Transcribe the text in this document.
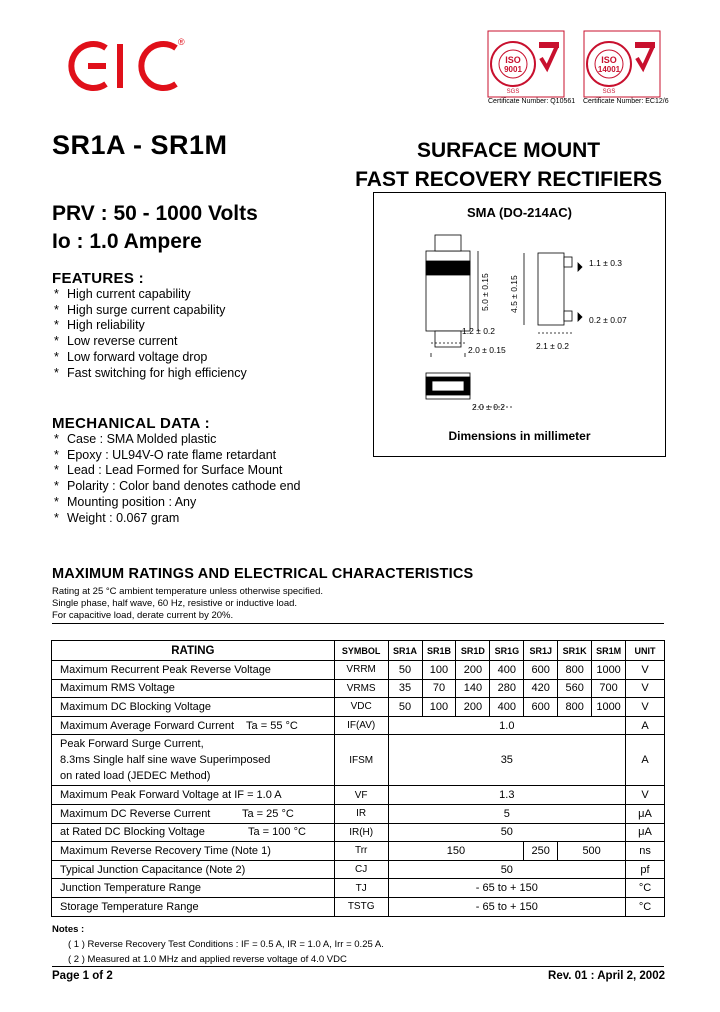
®
ISO
9001
SGS
Certificate Number: Q10561
ISO
14001
SGS
Certificate Number: EC12/6
SR1A - SR1M	SURFACE MOUNT
FAST RECOVERY RECTIFIERS
PRV : 50 - 1000 Volts
Io : 1.0 Ampere
FEATURES :
* High current capability
* High surge current capability
* High reliability
* Low reverse current
* Low forward voltage drop
* Fast switching for high efficiency
MECHANICAL DATA :
* Case : SMA Molded plastic
* Epoxy : UL94V-O rate flame retardant
* Lead : Lead Formed for Surface Mount
* Polarity : Color band denotes cathode end
* Mounting position : Any
* Weight : 0.067 gram
SMA (DO-214AC)
1.1 ± 0.3
0.2 ± 0.07
4.5 ± 0.15
5.0 ± 0.15
1.2 ± 0.2
2.0 ± 0.15	2.1 ± 0.2
2.0 ± 0.2
Dimensions in millimeter
MAXIMUM RATINGS AND ELECTRICAL CHARACTERISTICS
Rating at 25 °C ambient temperature unless otherwise specified.
Single phase, half wave, 60 Hz, resistive or inductive load.
For capacitive load, derate current by 20%.
RATING	SYMBOL	SR1A	SR1B	SR1D	SR1G	SR1J	SR1K	SR1M	UNIT
Maximum Recurrent Peak Reverse Voltage	VRRM	50	100	200	400	600	800	1000	V
Maximum RMS Voltage	VRMS	35	70	140	280	420	560	700	V
Maximum DC Blocking Voltage	VDC	50	100	200	400	600	800	1000	V
Maximum Average Forward Current    Ta = 55 °C	IF(AV)	1.0							A

Peak Forward Surge Current,
8.3ms Single half sine wave Superimposed
on rated load (JEDEC Method)	IFSM	35							A
Maximum Peak Forward Voltage at IF = 1.0 A	VF	1.3							V
Maximum DC Reverse Current Ta = 25 °C	IR	5							μA
at Rated DC Blocking Voltage Ta = 100 °C	IR(H)	50							μA
Maximum Reverse Recovery Time (Note 1)	Trr	150				250	500		ns
Typical Junction Capacitance (Note 2)	CJ	50							pf
Junction Temperature Range	TJ	- 65 to + 150							°C
Storage Temperature Range	TSTG	- 65 to + 150							°C
Notes :
( 1 ) Reverse Recovery Test Conditions : IF = 0.5 A, IR = 1.0 A, Irr = 0.25 A.
( 2 ) Measured at 1.0 MHz and applied reverse voltage of 4.0 VDC
Page 1 of 2	Rev. 01 : April 2, 2002
